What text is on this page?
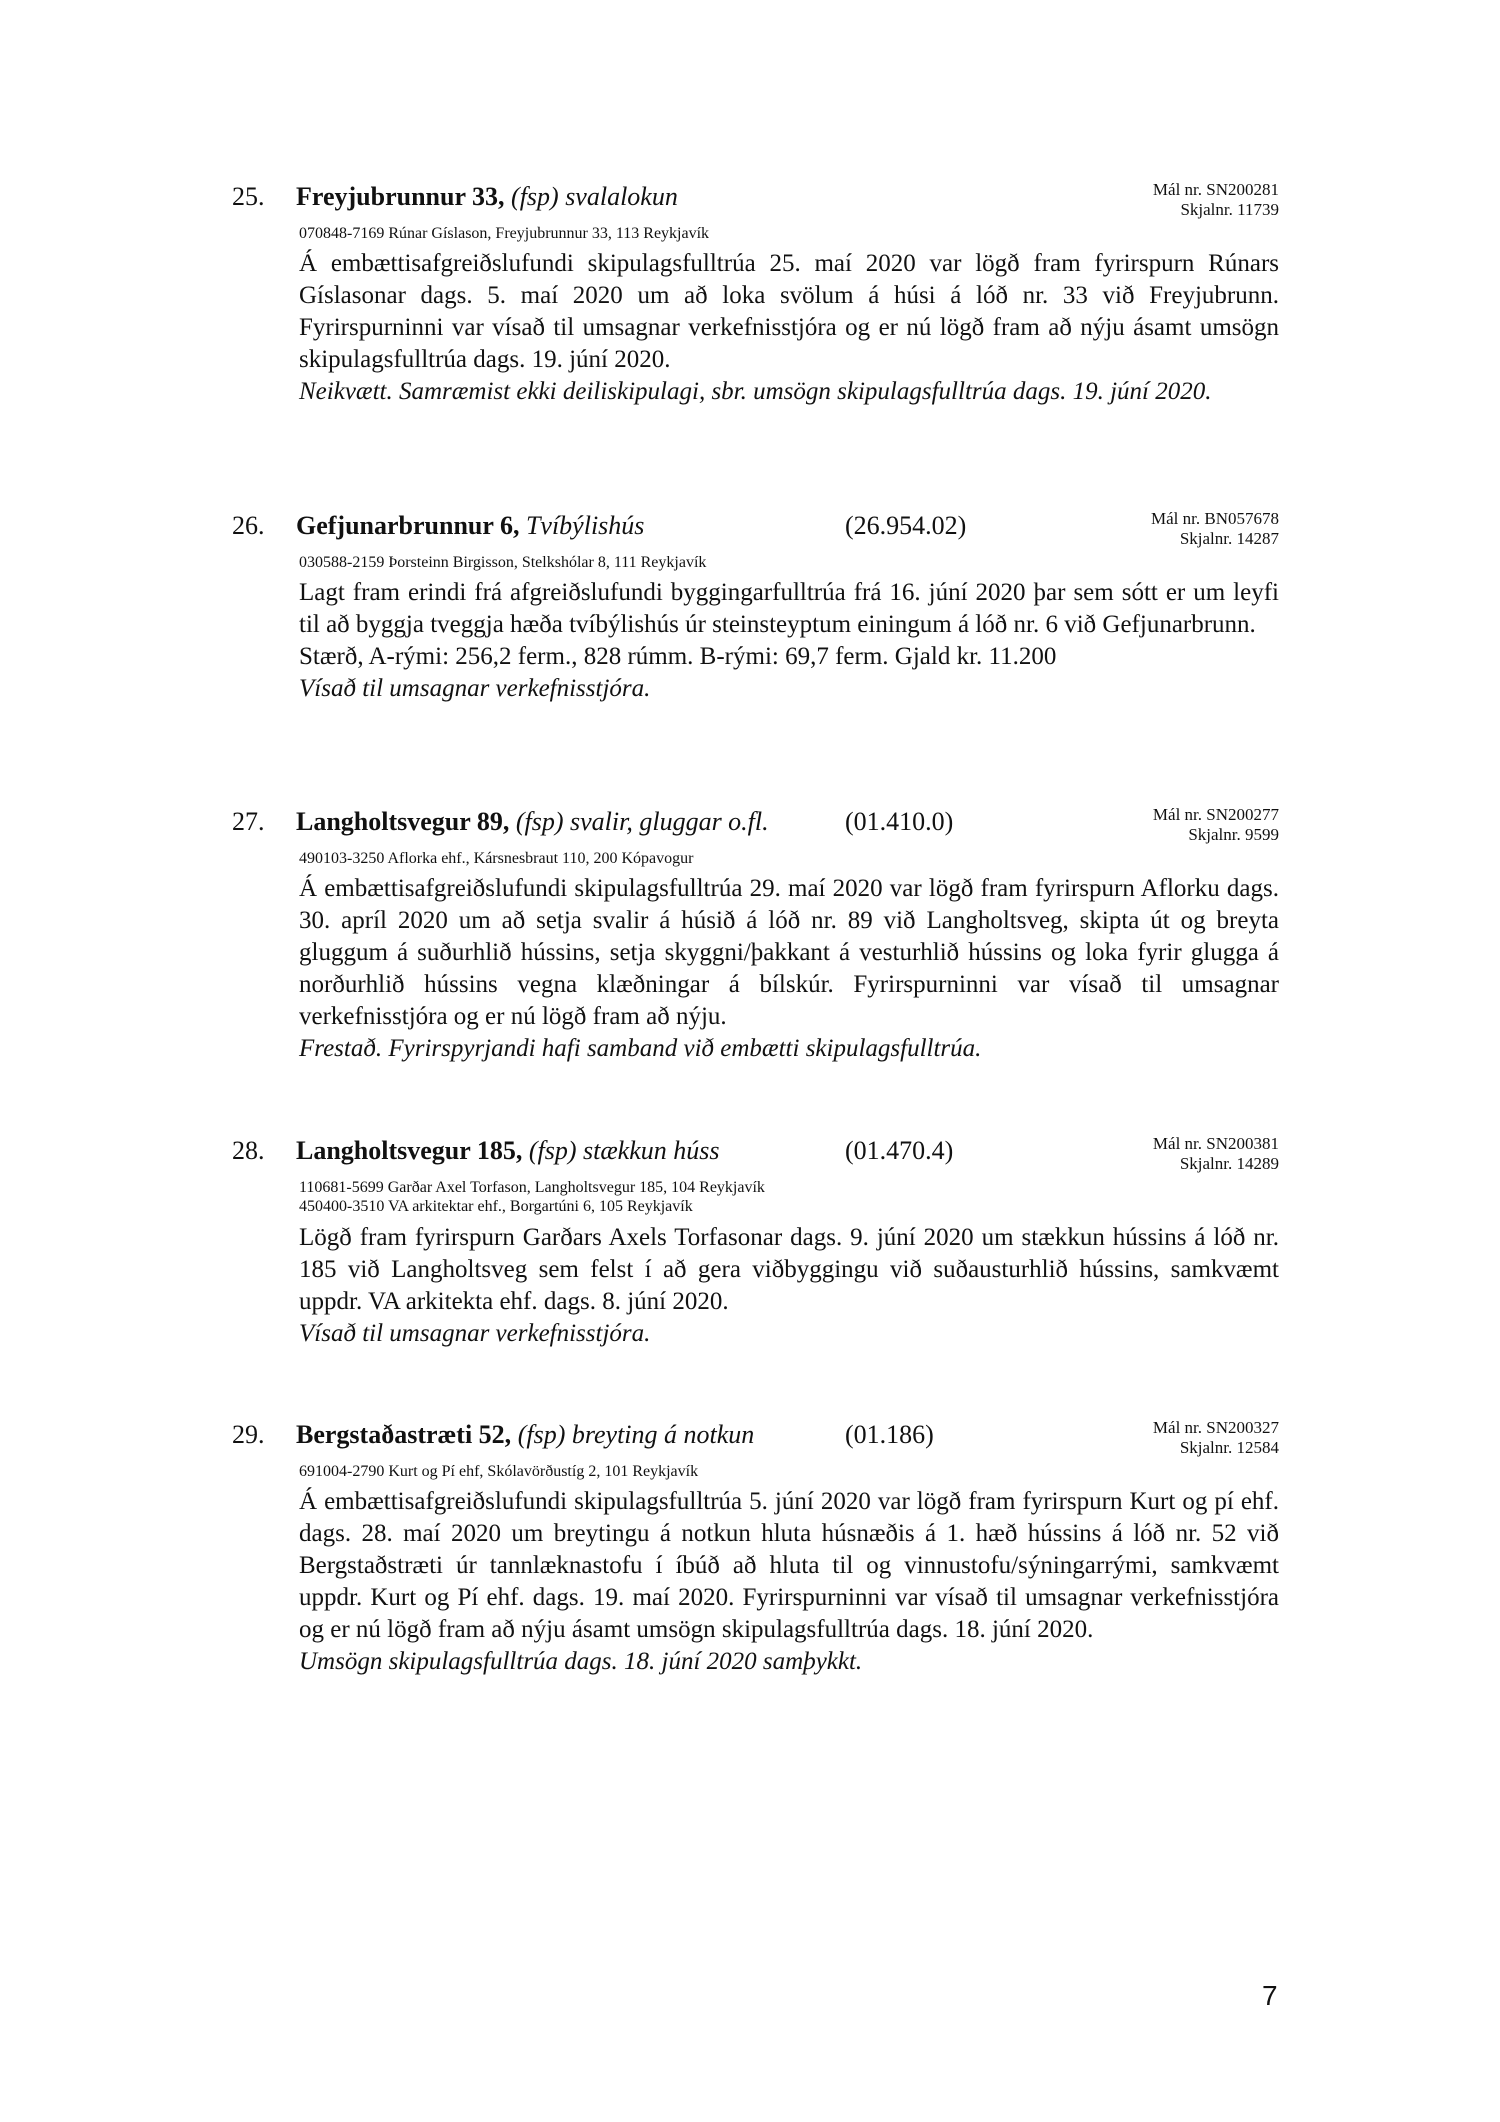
25. Freyjubrunnur 33, (fsp) svalalokun	Mál nr. SN200281
Skjalnr. 11739
070848-7169 Rúnar Gíslason, Freyjubrunnur 33, 113 Reykjavík

Á embættisafgreiðslufundi skipulagsfulltrúa 25. maí 2020 var lögð fram fyrirspurn Rúnars Gíslasonar dags. 5. maí 2020 um að loka svölum á húsi á lóð nr. 33 við Freyjubrunn. Fyrirspurninni var vísað til umsagnar verkefnisstjóra og er nú lögð fram að nýju ásamt umsögn skipulagsfulltrúa dags. 19. júní 2020.

Neikvætt. Samræmist ekki deiliskipulagi, sbr. umsögn skipulagsfulltrúa dags. 19. júní 2020.

26. Gefjunarbrunnur 6, Tvíbýlishús	(26.954.02)	Mál nr. BN057678
Skjalnr. 14287
030588-2159 Þorsteinn Birgisson, Stelkshólar 8, 111 Reykjavík

Lagt fram erindi frá afgreiðslufundi byggingarfulltrúa frá 16. júní 2020 þar sem sótt er um leyfi til að byggja tveggja hæða tvíbýlishús úr steinsteyptum einingum á lóð nr. 6 við Gefjunarbrunn.

Stærð, A-rými: 256,2 ferm., 828 rúmm. B-rými: 69,7 ferm. Gjald kr. 11.200

Vísað til umsagnar verkefnisstjóra.

27. Langholtsvegur 89, (fsp) svalir, gluggar o.fl.	(01.410.0)	Mál nr. SN200277
Skjalnr. 9599
490103-3250 Aflorka ehf., Kársnesbraut 110, 200 Kópavogur

Á embættisafgreiðslufundi skipulagsfulltrúa 29. maí 2020 var lögð fram fyrirspurn Aflorku dags. 30. apríl 2020 um að setja svalir á húsið á lóð nr. 89 við Langholtsveg, skipta út og breyta gluggum á suðurhlið hússins, setja skyggni/þakkant á vesturhlið hússins og loka fyrir glugga á norðurhlið hússins vegna klæðningar á bílskúr. Fyrirspurninni var vísað til umsagnar verkefnisstjóra og er nú lögð fram að nýju.

Frestað. Fyrirspyrjandi hafi samband við embætti skipulagsfulltrúa.

28. Langholtsvegur 185, (fsp) stækkun húss	(01.470.4)	Mál nr. SN200381
Skjalnr. 14289
110681-5699 Garðar Axel Torfason, Langholtsvegur 185, 104 Reykjavík
450400-3510 VA arkitektar ehf., Borgartúni 6, 105 Reykjavík

Lögð fram fyrirspurn Garðars Axels Torfasonar dags. 9. júní 2020 um stækkun hússins á lóð nr. 185 við Langholtsveg sem felst í að gera viðbyggingu við suðausturhlið hússins, samkvæmt uppdr. VA arkitekta ehf. dags. 8. júní 2020.

Vísað til umsagnar verkefnisstjóra.

29. Bergstaðastræti 52, (fsp) breyting á notkun	(01.186)	Mál nr. SN200327
Skjalnr. 12584
691004-2790 Kurt og Pí ehf, Skólavörðustíg 2, 101 Reykjavík

Á embættisafgreiðslufundi skipulagsfulltrúa 5. júní 2020 var lögð fram fyrirspurn Kurt og pí ehf. dags. 28. maí 2020 um breytingu á notkun hluta húsnæðis á 1. hæð hússins á lóð nr. 52 við Bergstaðstræti úr tannlæknastofu í íbúð að hluta til og vinnustofu/sýningarrými, samkvæmt uppdr. Kurt og Pí ehf. dags. 19. maí 2020. Fyrirspurninni var vísað til umsagnar verkefnisstjóra og er nú lögð fram að nýju ásamt umsögn skipulagsfulltrúa dags. 18. júní 2020.

Umsögn skipulagsfulltrúa dags. 18. júní 2020 samþykkt.

7
